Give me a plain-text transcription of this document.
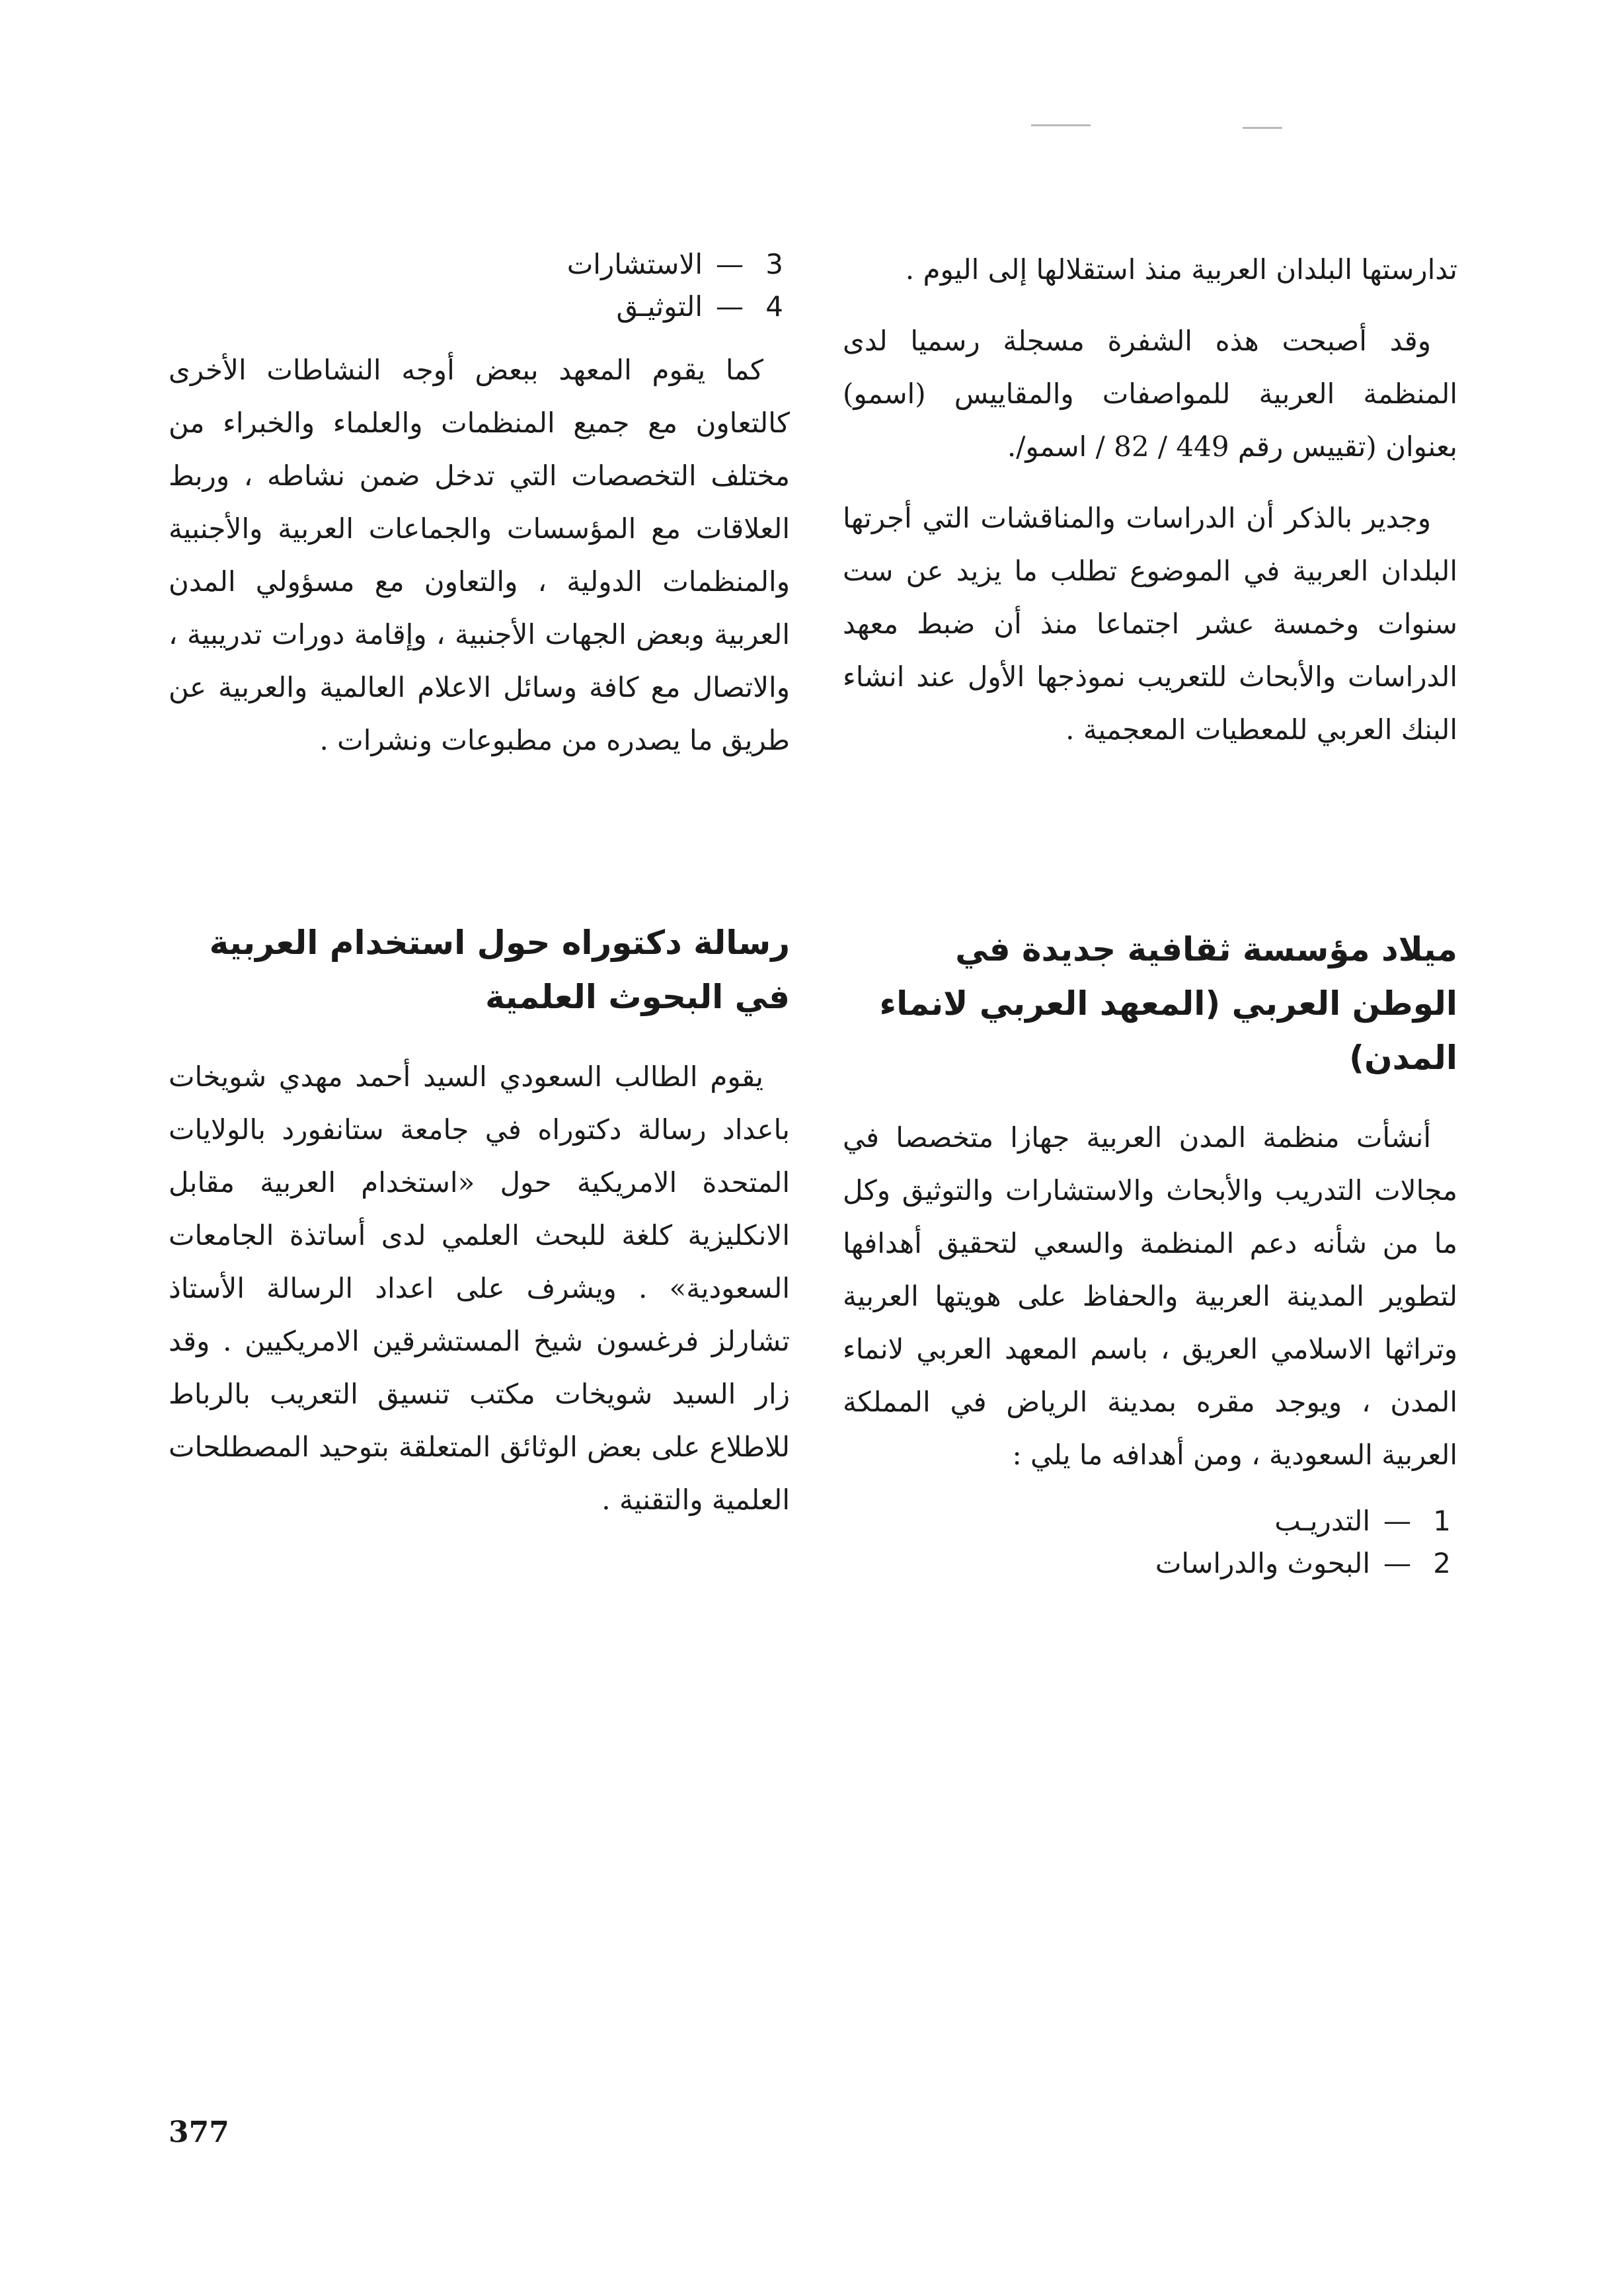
تدارستها البلدان العربية منذ استقلالها إلى اليوم .

وقد أصبحت هذه الشفرة مسجلة رسميا لدى المنظمة العربية للمواصفات والمقاييس (اسمو) بعنوان (تقييس رقم 449 / 82 / اسمو/.

وجدير بالذكر أن الدراسات والمناقشات التي أجرتها البلدان العربية في الموضوع تطلب ما يزيد عن ست سنوات وخمسة عشر اجتماعا منذ أن ضبط معهد الدراسات والأبحاث للتعريب نموذجها الأول عند انشاء البنك العربي للمعطيات المعجمية .

ميلاد مؤسسة ثقافية جديدة في الوطن العربي (المعهد العربي لانماء المدن)

أنشأت منظمة المدن العربية جهازا متخصصا في مجالات التدريب والأبحاث والاستشارات والتوثيق وكل ما من شأنه دعم المنظمة والسعي لتحقيق أهدافها لتطوير المدينة العربية والحفاظ على هويتها العربية وتراثها الاسلامي العريق ، باسم المعهد العربي لانماء المدن ، ويوجد مقره بمدينة الرياض في المملكة العربية السعودية ، ومن أهدافه ما يلي :

1—التدريـب
2—البحوث والدراسات
3—الاستشارات
4—التوثيـق

كما يقوم المعهد ببعض أوجه النشاطات الأخرى كالتعاون مع جميع المنظمات والعلماء والخبراء من مختلف التخصصات التي تدخل ضمن نشاطه ، وربط العلاقات مع المؤسسات والجماعات العربية والأجنبية والمنظمات الدولية ، والتعاون مع مسؤولي المدن العربية وبعض الجهات الأجنبية ، وإقامة دورات تدريبية ، والاتصال مع كافة وسائل الاعلام العالمية والعربية عن طريق ما يصدره من مطبوعات ونشرات .

رسالة دكتوراه حول استخدام العربية في البحوث العلمية

يقوم الطالب السعودي السيد أحمد مهدي شويخات باعداد رسالة دكتوراه في جامعة ستانفورد بالولايات المتحدة الامريكية حول «استخدام العربية مقابل الانكليزية كلغة للبحث العلمي لدى أساتذة الجامعات السعودية» . ويشرف على اعداد الرسالة الأستاذ تشارلز فرغسون شيخ المستشرقين الامريكيين . وقد زار السيد شويخات مكتب تنسيق التعريب بالرباط للاطلاع على بعض الوثائق المتعلقة بتوحيد المصطلحات العلمية والتقنية .

377
